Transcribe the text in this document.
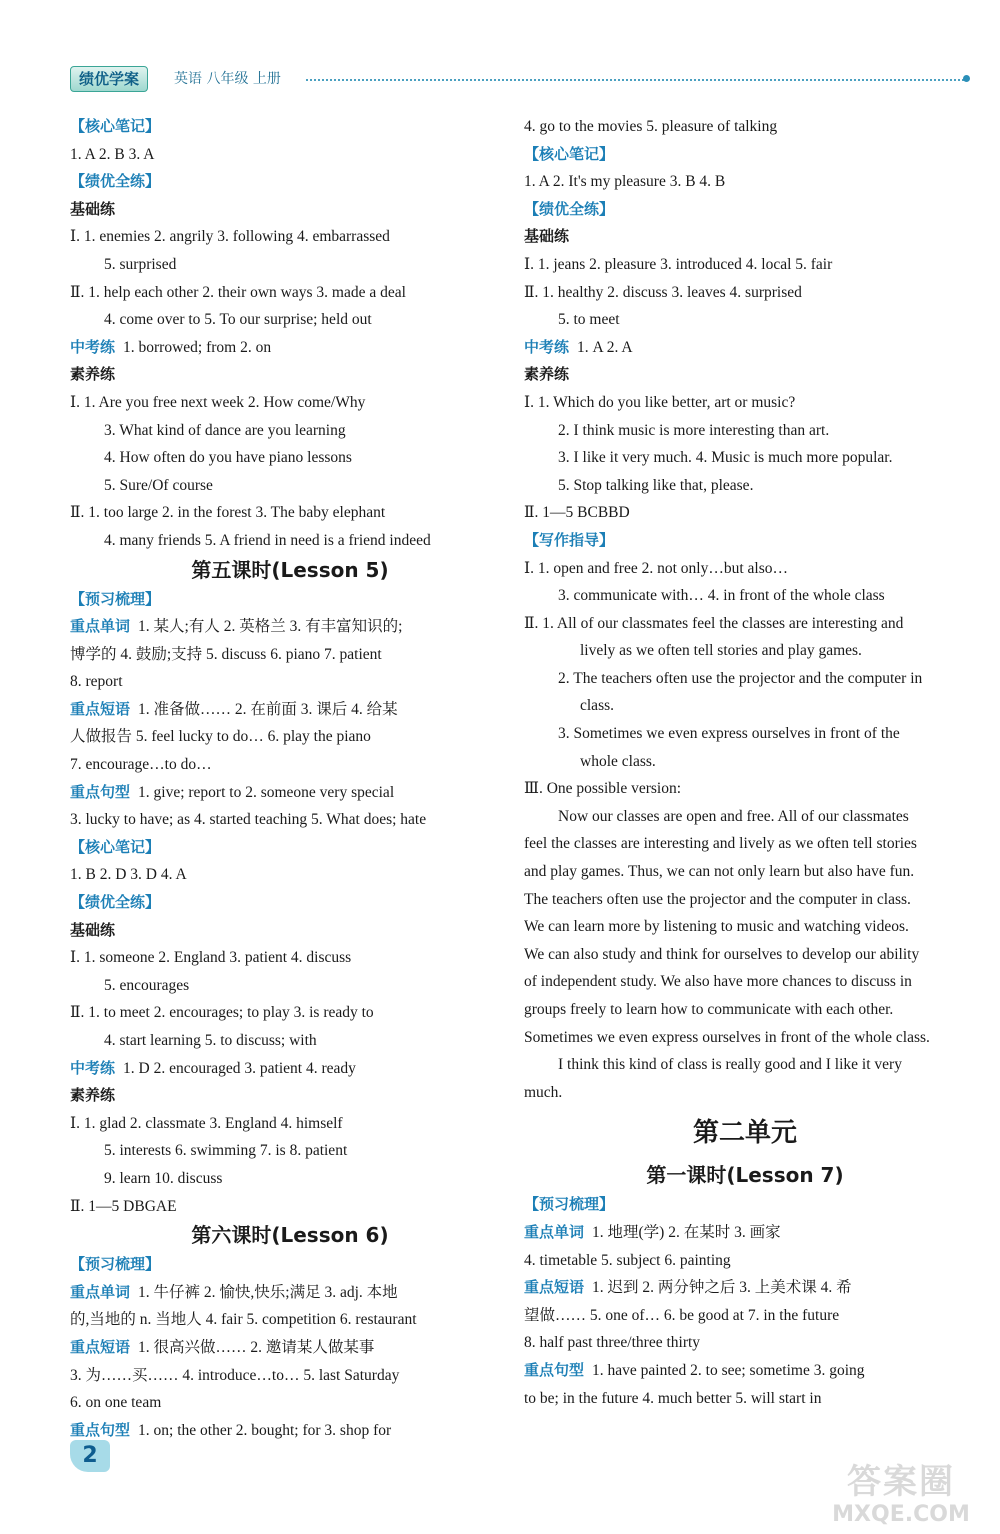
绩优学案	英语 八年级 上册
【核心笔记】
1. A 2. B 3. A
【绩优全练】
基础练
Ⅰ. 1. enemies 2. angrily 3. following 4. embarrassed
5. surprised
Ⅱ. 1. help each other 2. their own ways 3. made a deal
4. come over to 5. To our surprise; held out
中考练 1. borrowed; from 2. on
素养练
Ⅰ. 1. Are you free next week 2. How come/Why
3. What kind of dance are you learning
4. How often do you have piano lessons
5. Sure/Of course
Ⅱ. 1. too large 2. in the forest 3. The baby elephant
4. many friends 5. A friend in need is a friend indeed
第五课时(Lesson 5)
【预习梳理】
重点单词 1. 某人;有人 2. 英格兰 3. 有丰富知识的;
博学的 4. 鼓励;支持 5. discuss 6. piano 7. patient
8. report
重点短语 1. 准备做…… 2. 在前面 3. 课后 4. 给某
人做报告 5. feel lucky to do… 6. play the piano
7. encourage…to do…
重点句型 1. give; report to 2. someone very special
3. lucky to have; as 4. started teaching 5. What does; hate
【核心笔记】
1. B 2. D 3. D 4. A
【绩优全练】
基础练
Ⅰ. 1. someone 2. England 3. patient 4. discuss
5. encourages
Ⅱ. 1. to meet 2. encourages; to play 3. is ready to
4. start learning 5. to discuss; with
中考练 1. D 2. encouraged 3. patient 4. ready
素养练
Ⅰ. 1. glad 2. classmate 3. England 4. himself
5. interests 6. swimming 7. is 8. patient
9. learn 10. discuss
Ⅱ. 1—5 DBGAE
第六课时(Lesson 6)
【预习梳理】
重点单词 1. 牛仔裤 2. 愉快,快乐;满足 3. adj. 本地
的,当地的 n. 当地人 4. fair 5. competition 6. restaurant
重点短语 1. 很高兴做…… 2. 邀请某人做某事
3. 为……买…… 4. introduce…to… 5. last Saturday
6. on one team
重点句型 1. on; the other 2. bought; for 3. shop for
4. go to the movies 5. pleasure of talking
【核心笔记】
1. A 2. It's my pleasure 3. B 4. B
【绩优全练】
基础练
Ⅰ. 1. jeans 2. pleasure 3. introduced 4. local 5. fair
Ⅱ. 1. healthy 2. discuss 3. leaves 4. surprised
5. to meet
中考练 1. A 2. A
素养练
Ⅰ. 1. Which do you like better, art or music?
2. I think music is more interesting than art.
3. I like it very much. 4. Music is much more popular.
5. Stop talking like that, please.
Ⅱ. 1—5 BCBBD
【写作指导】
Ⅰ. 1. open and free 2. not only…but also…
3. communicate with… 4. in front of the whole class
Ⅱ. 1. All of our classmates feel the classes are interesting and
lively as we often tell stories and play games.
2. The teachers often use the projector and the computer in
class.
3. Sometimes we even express ourselves in front of the
whole class.
Ⅲ. One possible version:
Now our classes are open and free. All of our classmates
feel the classes are interesting and lively as we often tell stories
and play games. Thus, we can not only learn but also have fun.
The teachers often use the projector and the computer in class.
We can learn more by listening to music and watching videos.
We can also study and think for ourselves to develop our ability
of independent study. We also have more chances to discuss in
groups freely to learn how to communicate with each other.
Sometimes we even express ourselves in front of the whole class.
I think this kind of class is really good and I like it very
much.
第二单元
第一课时(Lesson 7)
【预习梳理】
重点单词 1. 地理(学) 2. 在某时 3. 画家
4. timetable 5. subject 6. painting
重点短语 1. 迟到 2. 两分钟之后 3. 上美术课 4. 希
望做…… 5. one of… 6. be good at 7. in the future
8. half past three/three thirty
重点句型 1. have painted 2. to see; sometime 3. going
to be; in the future 4. much better 5. will start in
2
答案圈
MXQE.COM
